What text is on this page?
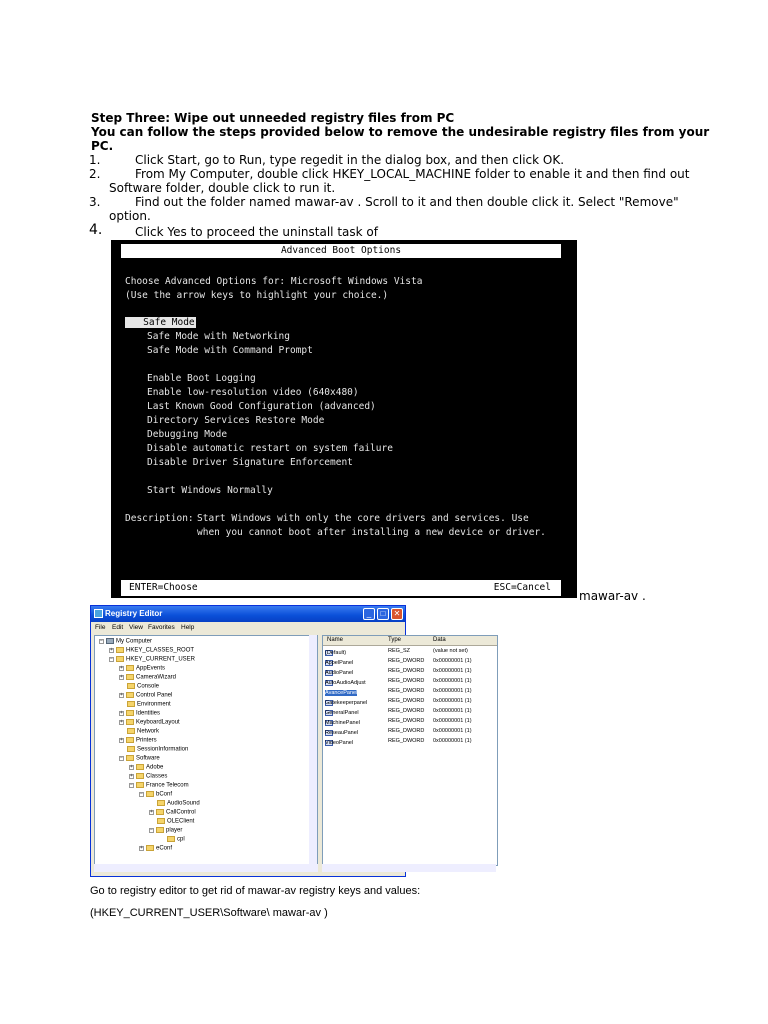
Step Three: Wipe out unneeded registry files from PC
You can follow the steps provided below to remove the undesirable registry files from your
PC.
1.	Click Start, go to Run, type regedit in the dialog box, and then click OK.
2.	From My Computer, double click HKEY_LOCAL_MACHINE folder to enable it and then find out
Software folder, double click to run it.
3.	Find out the folder named mawar-av . Scroll to it and then double click it. Select "Remove"
option.
4.	Click Yes to proceed the uninstall task of
Advanced Boot Options
Choose Advanced Options for: Microsoft Windows Vista
(Use the arrow keys to highlight your choice.)
Safe Mode
Safe Mode with Networking
Safe Mode with Command Prompt
Enable Boot Logging
Enable low-resolution video (640x480)
Last Known Good Configuration (advanced)
Directory Services Restore Mode
Debugging Mode
Disable automatic restart on system failure
Disable Driver Signature Enforcement
Start Windows Normally
Description: Start Windows with only the core drivers and services. Use
when you cannot boot after installing a new device or driver.
ENTER=Choose	ESC=Cancel
mawar-av .
Registry Editor	_	□	✕
File Edit View Favorites Help
− My Computer
+ HKEY_CLASSES_ROOT
− HKEY_CURRENT_USER
+ AppEvents
+ CameraWizard
Console
+ Control Panel
Environment
+ Identities
+ KeyboardLayout
Network
+ Printers
SessionInformation
− Software
+ Adobe
+ Classes
− France Telecom
− bConf
AudioSound
+ CallControl
OLEClient
− player
cpl
+ eConf
Name	Type	Data
(Default)	REG_SZ	(value not set)
AppelPanel	REG_DWORD 0x00000001 (1)
AudioPanel	REG_DWORD 0x00000001 (1)
AutoAudioAdjust	REG_DWORD 0x00000001 (1)
AvancePanel	REG_DWORD 0x00000001 (1)
Gatekeeperpanel	REG_DWORD 0x00000001 (1)
GeneralPanel	REG_DWORD 0x00000001 (1)
MachinePanel	REG_DWORD 0x00000001 (1)
ReseauPanel	REG_DWORD 0x00000001 (1)
VideoPanel	REG_DWORD 0x00000001 (1)
Go to registry editor to get rid of mawar-av registry keys and values:
(HKEY_CURRENT_USER\Software\ mawar-av )
